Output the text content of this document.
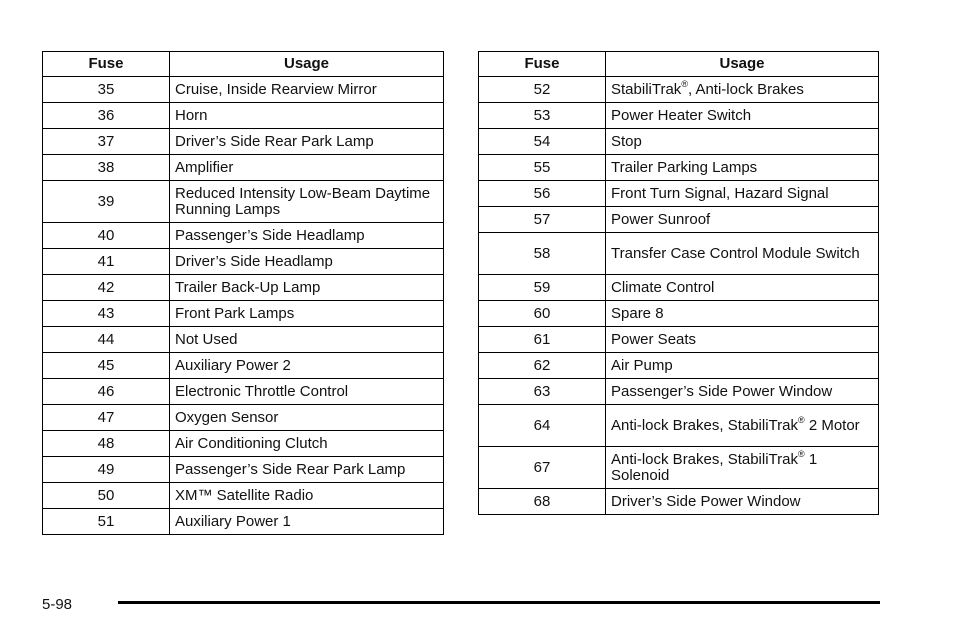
Fuse	Usage
35	Cruise, Inside Rearview Mirror
36	Horn
37	Driver’s Side Rear Park Lamp
38	Amplifier
39	Reduced Intensity Low-Beam Daytime Running Lamps
40	Passenger’s Side Headlamp
41	Driver’s Side Headlamp
42	Trailer Back-Up Lamp
43	Front Park Lamps
44	Not Used
45	Auxiliary Power 2
46	Electronic Throttle Control
47	Oxygen Sensor
48	Air Conditioning Clutch
49	Passenger’s Side Rear Park Lamp
50	XM™ Satellite Radio
51	Auxiliary Power 1
Fuse	Usage
52	StabiliTrak®, Anti-lock Brakes
53	Power Heater Switch
54	Stop
55	Trailer Parking Lamps
56	Front Turn Signal, Hazard Signal
57	Power Sunroof
58	Transfer Case Control Module Switch
59	Climate Control
60	Spare 8
61	Power Seats
62	Air Pump
63	Passenger’s Side Power Window
64	Anti-lock Brakes, StabiliTrak® 2 Motor
67	Anti-lock Brakes, StabiliTrak® 1 Solenoid
68	Driver’s Side Power Window
5-98
